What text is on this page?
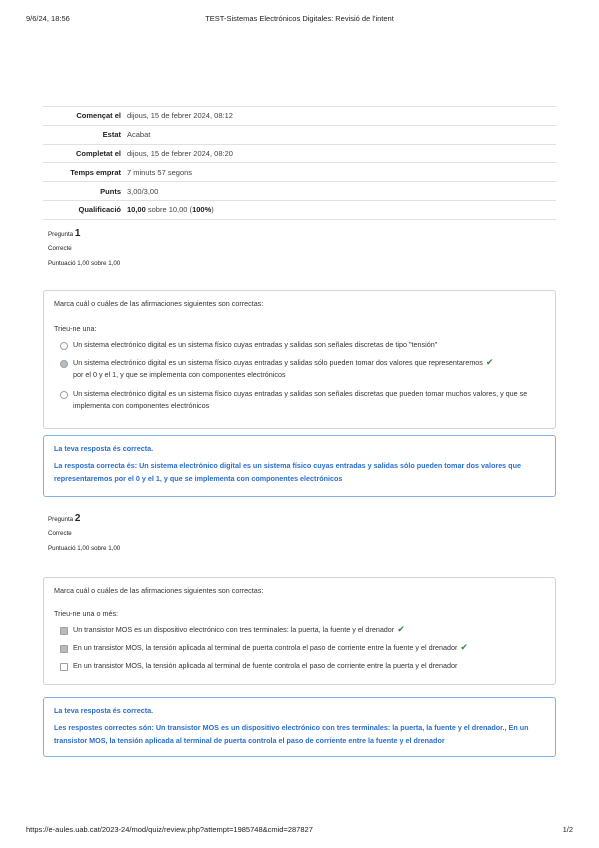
9/6/24, 18:56	TEST-Sistemas Electrónicos Digitales: Revisió de l'intent
Començat el	dijous, 15 de febrer 2024, 08:12
Estat	Acabat
Completat el	dijous, 15 de febrer 2024, 08:20
Temps emprat	7 minuts 57 segons
Punts	3,00/3,00
Qualificació	10,00 sobre 10,00 (100%)
Pregunta 1
Correcte
Puntuació 1,00 sobre 1,00
Marca cuál o cuáles de las afirmaciones siguientes son correctas:
Trieu-ne una:
Un sistema electrónico digital es un sistema físico cuyas entradas y salidas son señales discretas de tipo "tensión"
Un sistema electrónico digital es un sistema físico cuyas entradas y salidas sólo pueden tomar dos valores que representaremos ✔
por el 0 y el 1, y que se implementa con componentes electrónicos
Un sistema electrónico digital es un sistema físico cuyas entradas y salidas son señales discretas que pueden tomar muchos valores, y que se implementa con componentes electrónicos
La teva resposta és correcta.
La resposta correcta és: Un sistema electrónico digital es un sistema físico cuyas entradas y salidas sólo pueden tomar dos valores que representaremos por el 0 y el 1, y que se implementa con componentes electrónicos
Pregunta 2
Correcte
Puntuació 1,00 sobre 1,00
Marca cuál o cuáles de las afirmaciones siguientes son correctas:
Trieu-ne una o més:
Un transistor MOS es un dispositivo electrónico con tres terminales: la puerta, la fuente y el drenador ✔
En un transistor MOS, la tensión aplicada al terminal de puerta controla el paso de corriente entre la fuente y el drenador ✔
En un transistor MOS, la tensión aplicada al terminal de fuente controla el paso de corriente entre la puerta y el drenador
La teva resposta és correcta.
Les respostes correctes són: Un transistor MOS es un dispositivo electrónico con tres terminales: la puerta, la fuente y el drenador., En un transistor MOS, la tensión aplicada al terminal de puerta controla el paso de corriente entre la fuente y el drenador
https://e-aules.uab.cat/2023-24/mod/quiz/review.php?attempt=1985748&cmid=287827	1/2
